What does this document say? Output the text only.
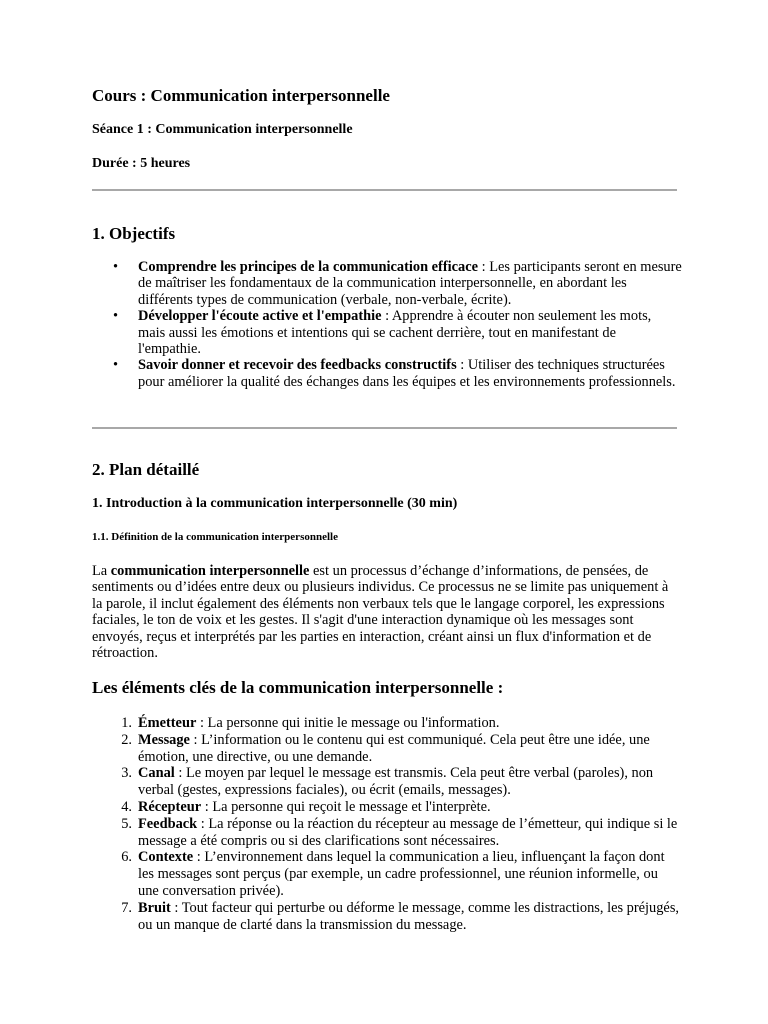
Cours : Communication interpersonnelle

Séance 1 : Communication interpersonnelle

Durée : 5 heures

1. Objectifs

• Comprendre les principes de la communication efficace : Les participants seront en mesure de maîtriser les fondamentaux de la communication interpersonnelle, en abordant les différents types de communication (verbale, non-verbale, écrite).
• Développer l'écoute active et l'empathie : Apprendre à écouter non seulement les mots, mais aussi les émotions et intentions qui se cachent derrière, tout en manifestant de l'empathie.
• Savoir donner et recevoir des feedbacks constructifs : Utiliser des techniques structurées pour améliorer la qualité des échanges dans les équipes et les environnements professionnels.

2. Plan détaillé

1. Introduction à la communication interpersonnelle (30 min)

1.1. Définition de la communication interpersonnelle

La communication interpersonnelle est un processus d’échange d’informations, de pensées, de sentiments ou d’idées entre deux ou plusieurs individus. Ce processus ne se limite pas uniquement à la parole, il inclut également des éléments non verbaux tels que le langage corporel, les expressions faciales, le ton de voix et les gestes. Il s'agit d'une interaction dynamique où les messages sont envoyés, reçus et interprétés par les parties en interaction, créant ainsi un flux d'information et de rétroaction.

Les éléments clés de la communication interpersonnelle :

1. Émetteur : La personne qui initie le message ou l'information.
2. Message : L’information ou le contenu qui est communiqué. Cela peut être une idée, une émotion, une directive, ou une demande.
3. Canal : Le moyen par lequel le message est transmis. Cela peut être verbal (paroles), non verbal (gestes, expressions faciales), ou écrit (emails, messages).
4. Récepteur : La personne qui reçoit le message et l'interprète.
5. Feedback : La réponse ou la réaction du récepteur au message de l’émetteur, qui indique si le message a été compris ou si des clarifications sont nécessaires.
6. Contexte : L’environnement dans lequel la communication a lieu, influençant la façon dont les messages sont perçus (par exemple, un cadre professionnel, une réunion informelle, ou une conversation privée).
7. Bruit : Tout facteur qui perturbe ou déforme le message, comme les distractions, les préjugés, ou un manque de clarté dans la transmission du message.
